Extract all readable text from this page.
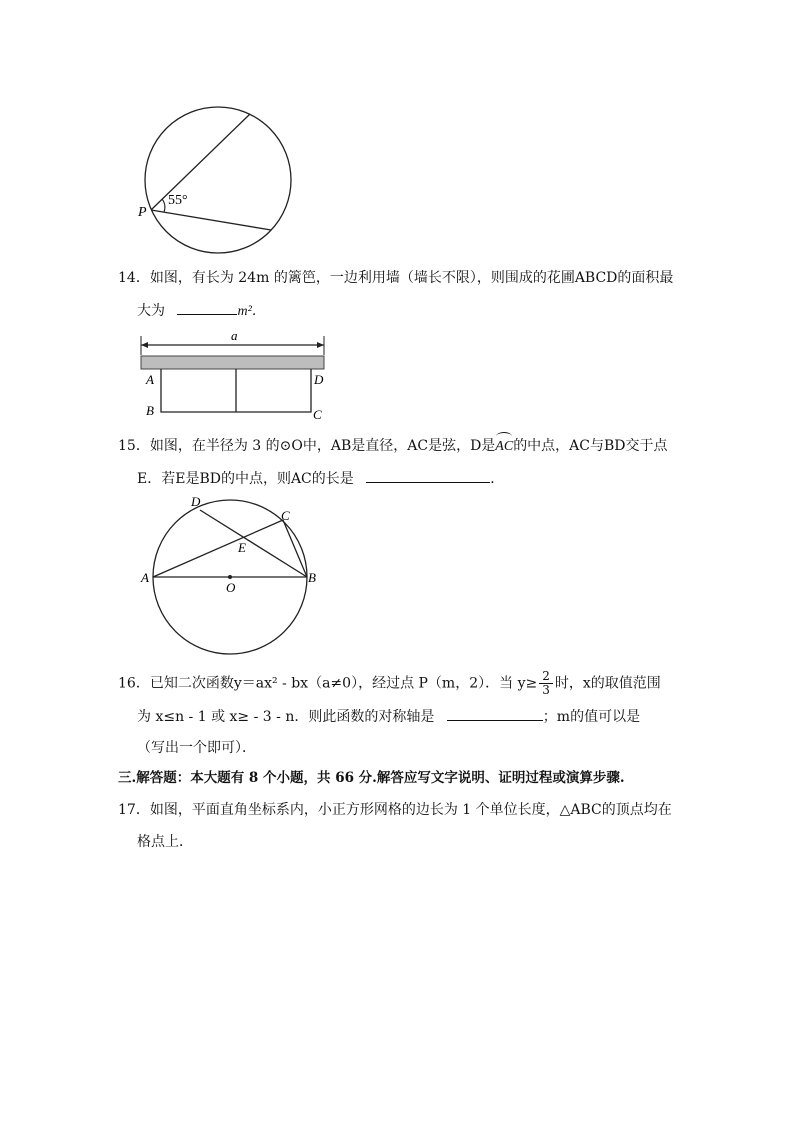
55°
P
14．如图，有长为 24m 的篱笆，一边利用墙（墙长不限），则围成的花圃ABCD的面积最
大为	m²．
a
A
B	C
D
15．如图，在半径为 3 的⊙O中，AB是直径，AC是弦，D是AC的中点，AC与BD交于点
E．若E是BD的中点，则AC的长是	．
A	B
C
D
E
O
16．已知二次函数y＝ax² - bx（a≠0），经过点 P（m，2）．当 $y\ge \frac{2}{3}$ 时，x的取值范围
为 x≤n - 1 或 x≥ - 3 - n．则此函数的对称轴是	；m的值可以是
（写出一个即可）．
三.解答题：本大题有 8 个小题，共 66 分.解答应写文字说明、证明过程或演算步骤.
17．如图，平面直角坐标系内，小正方形网格的边长为 1 个单位长度，△ABC的顶点均在
格点上．
